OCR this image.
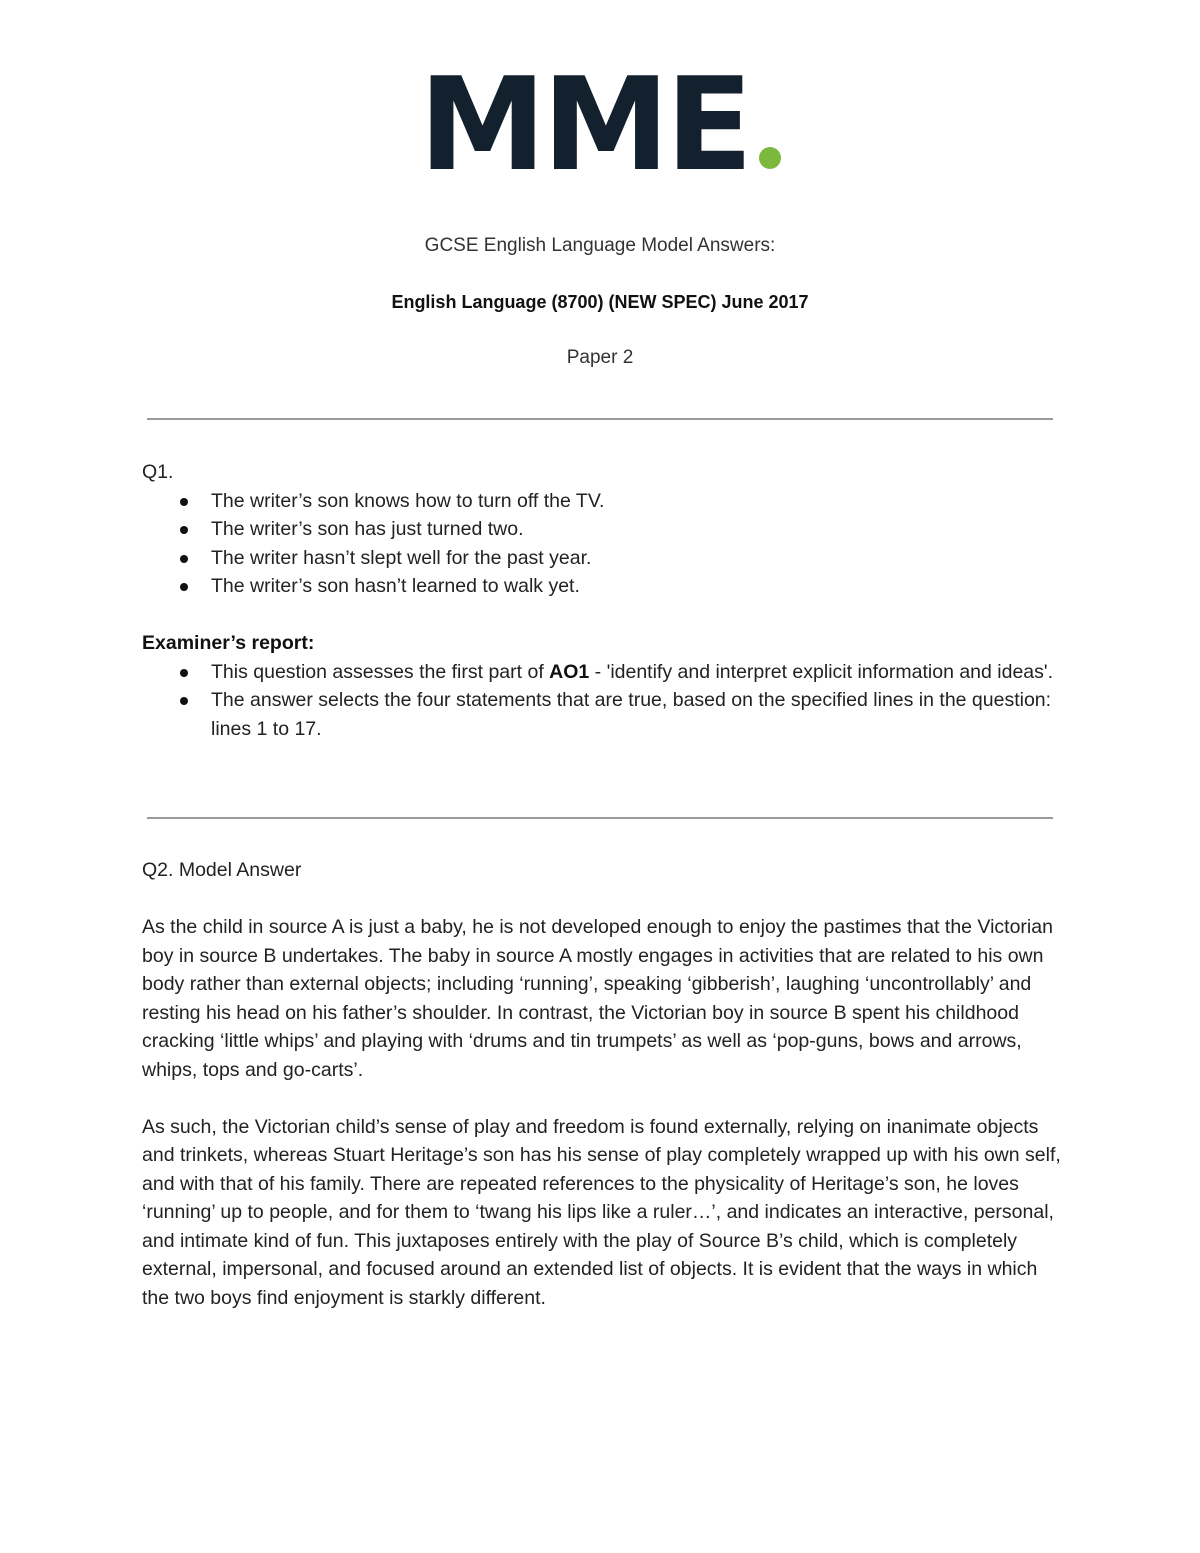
MME
GCSE English Language Model Answers:
English Language (8700) (NEW SPEC) June 2017
Paper 2

Q1.

The writer’s son knows how to turn off the TV.
The writer’s son has just turned two.
The writer hasn’t slept well for the past year.
The writer’s son hasn’t learned to walk yet.

Examiner’s report:

This question assesses the first part of AO1 - 'identify and interpret explicit information and ideas'.
The answer selects the four statements that are true, based on the specified lines in the question: lines 1 to 17.

Q2. Model Answer

As the child in source A is just a baby, he is not developed enough to enjoy the pastimes that the Victorian boy in source B undertakes. The baby in source A mostly engages in activities that are related to his own body rather than external objects; including ‘running’, speaking ‘gibberish’, laughing ‘uncontrollably’ and resting his head on his father’s shoulder. In contrast, the Victorian boy in source B spent his childhood cracking ‘little whips’ and playing with ‘drums and tin trumpets’ as well as ‘pop-guns, bows and arrows, whips, tops and go-carts’.

As such, the Victorian child’s sense of play and freedom is found externally, relying on inanimate objects and trinkets, whereas Stuart Heritage’s son has his sense of play completely wrapped up with his own self, and with that of his family. There are repeated references to the physicality of Heritage’s son, he loves ‘running’ up to people, and for them to ‘twang his lips like a ruler…’, and indicates an interactive, personal, and intimate kind of fun. This juxtaposes entirely with the play of Source B’s child, which is completely external, impersonal, and focused around an extended list of objects. It is evident that the ways in which the two boys find enjoyment is starkly different.
